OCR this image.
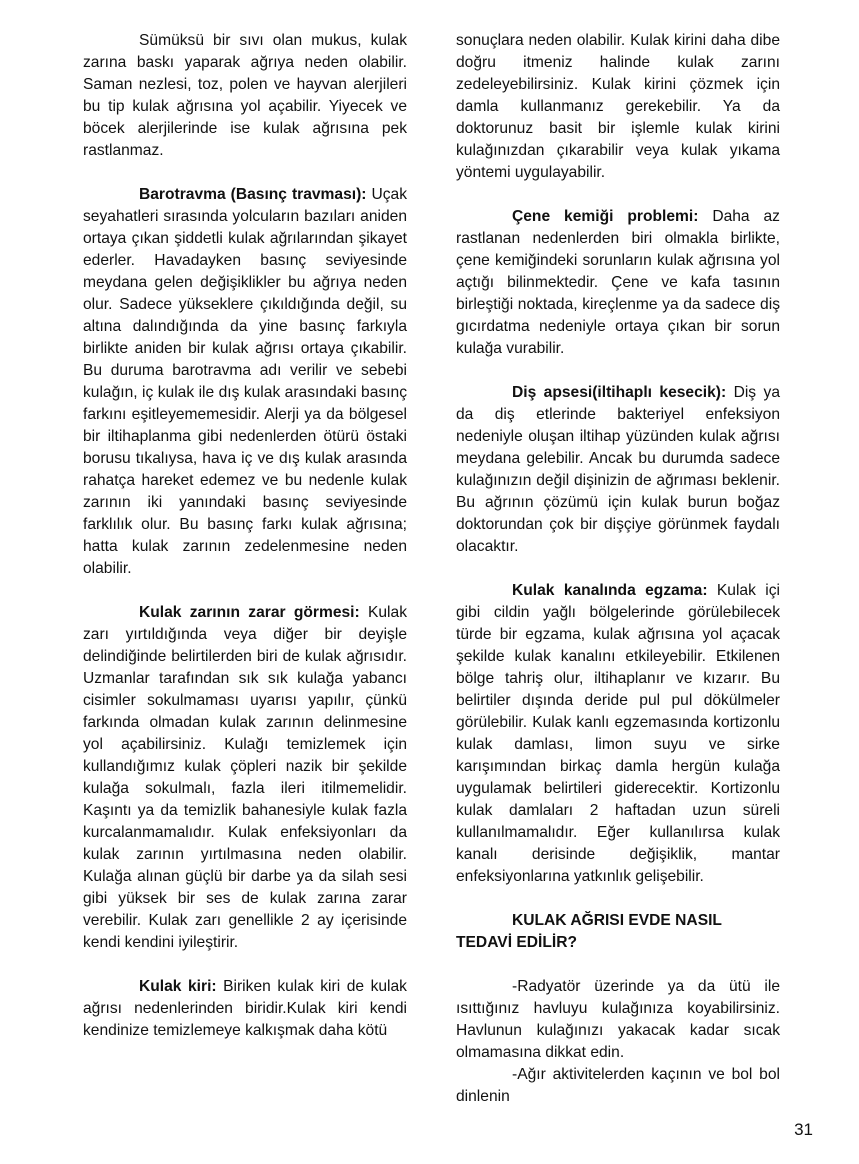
Sümüksü bir sıvı olan mukus, kulak zarına baskı yaparak ağrıya neden olabilir. Saman nezlesi, toz, polen ve hayvan alerjileri bu tip kulak ağrısına yol açabilir. Yiyecek ve böcek alerjilerinde ise kulak ağrısına pek rastlanmaz.

Barotravma (Basınç travması): Uçak seyahatleri sırasında yolcuların bazıları aniden ortaya çıkan şiddetli kulak ağrılarından şikayet ederler. Havadayken basınç seviyesinde meydana gelen değişiklikler bu ağrıya neden olur. Sadece yükseklere çıkıldığında değil, su altına dalındığında da yine basınç farkıyla birlikte aniden bir kulak ağrısı ortaya çıkabilir. Bu duruma barotravma adı verilir ve sebebi kulağın, iç kulak ile dış kulak arasındaki basınç farkını eşitleyememesidir. Alerji ya da bölgesel bir iltihaplanma gibi nedenlerden ötürü östaki borusu tıkalıysa, hava iç ve dış kulak arasında rahatça hareket edemez ve bu nedenle kulak zarının iki yanındaki basınç seviyesinde farklılık olur. Bu basınç farkı kulak ağrısına; hatta kulak zarının zedelenmesine neden olabilir.

Kulak zarının zarar görmesi: Kulak zarı yırtıldığında veya diğer bir deyişle delindiğinde belirtilerden biri de kulak ağrısıdır. Uzmanlar tarafından sık sık kulağa yabancı cisimler sokulmaması uyarısı yapılır, çünkü farkında olmadan kulak zarının delinmesine yol açabilirsiniz. Kulağı temizlemek için kullandığımız kulak çöpleri nazik bir şekilde kulağa sokulmalı, fazla ileri itilmemelidir. Kaşıntı ya da temizlik bahanesiyle kulak fazla kurcalanmamalıdır. Kulak enfeksiyonları da kulak zarının yırtılmasına neden olabilir. Kulağa alınan güçlü bir darbe ya da silah sesi gibi yüksek bir ses de kulak zarına zarar verebilir. Kulak zarı genellikle 2 ay içerisinde kendi kendini iyileştirir.

Kulak kiri: Biriken kulak kiri de kulak ağrısı nedenlerinden biridir.Kulak kiri kendi kendinize temizlemeye kalkışmak daha kötü

sonuçlara neden olabilir. Kulak kirini daha dibe doğru itmeniz halinde kulak zarını zedeleyebilirsiniz. Kulak kirini çözmek için damla kullanmanız gerekebilir. Ya da doktorunuz basit bir işlemle kulak kirini kulağınızdan çıkarabilir veya kulak yıkama yöntemi uygulayabilir.

Çene kemiği problemi: Daha az rastlanan nedenlerden biri olmakla birlikte, çene kemiğindeki sorunların kulak ağrısına yol açtığı bilinmektedir. Çene ve kafa tasının birleştiği noktada, kireçlenme ya da sadece diş gıcırdatma nedeniyle ortaya çıkan bir sorun kulağa vurabilir.

Diş apsesi(iltihaplı kesecik): Diş ya da diş etlerinde bakteriyel enfeksiyon nedeniyle oluşan iltihap yüzünden kulak ağrısı meydana gelebilir. Ancak bu durumda sadece kulağınızın değil dişinizin de ağrıması beklenir. Bu ağrının çözümü için kulak burun boğaz doktorundan çok bir dişçiye görünmek faydalı olacaktır.

Kulak kanalında egzama: Kulak içi gibi cildin yağlı bölgelerinde görülebilecek türde bir egzama, kulak ağrısına yol açacak şekilde kulak kanalını etkileyebilir. Etkilenen bölge tahriş olur, iltihaplanır ve kızarır. Bu belirtiler dışında deride pul pul dökülmeler görülebilir. Kulak kanlı egzemasında kortizonlu kulak damlası, limon suyu ve sirke karışımından birkaç damla hergün kulağa uygulamak belirtileri giderecektir. Kortizonlu kulak damlaları 2 haftadan uzun süreli kullanılmamalıdır. Eğer kullanılırsa kulak kanalı derisinde değişiklik, mantar enfeksiyonlarına yatkınlık gelişebilir.

KULAK AĞRISI EVDE NASIL TEDAVİ EDİLİR?

-Radyatör üzerinde ya da ütü ile ısıttığınız havluyu kulağınıza koyabilirsiniz. Havlunun kulağınızı yakacak kadar sıcak olmamasına dikkat edin.

-Ağır aktivitelerden kaçının ve bol bol dinlenin

31
